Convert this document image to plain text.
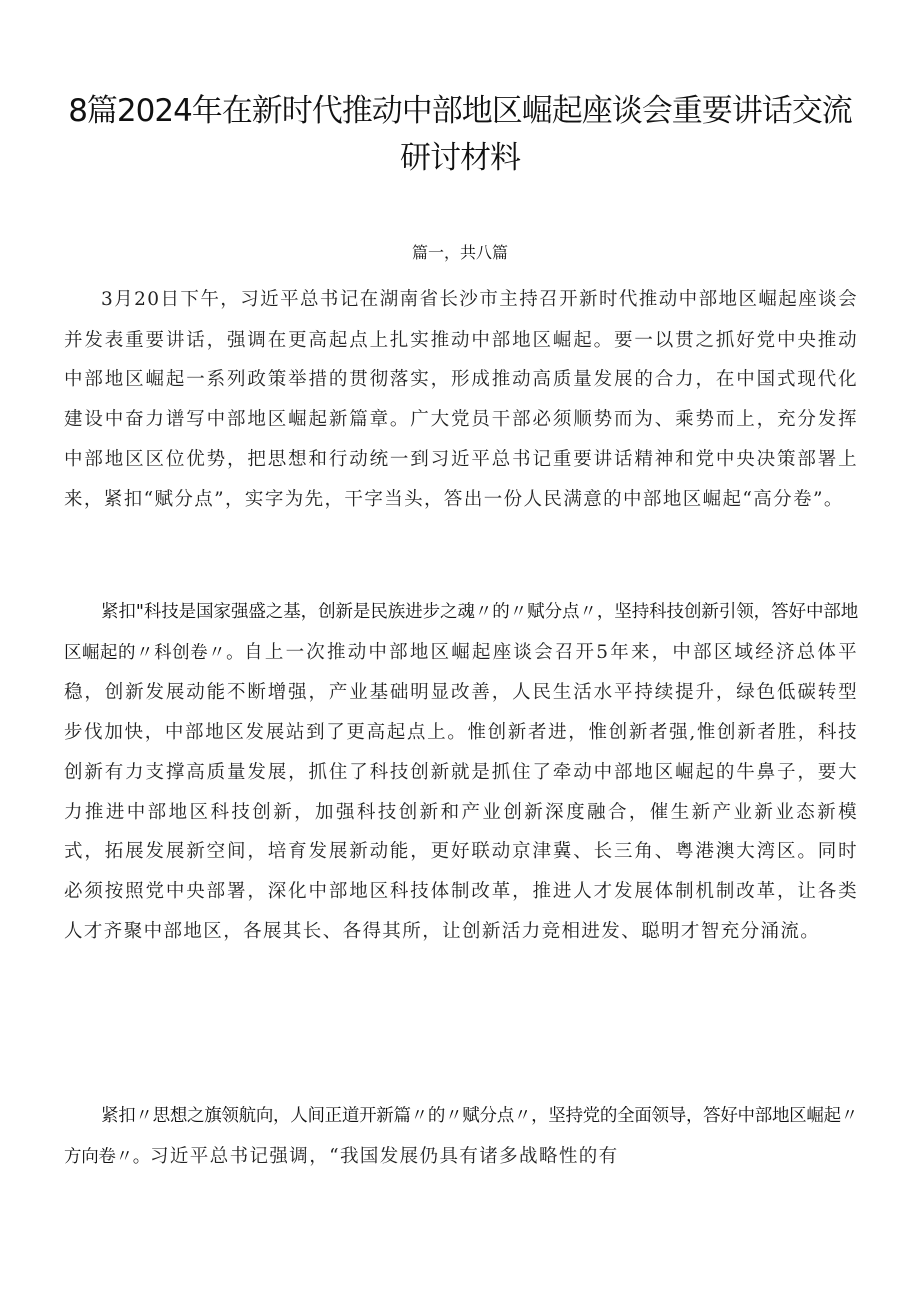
8篇2024年在新时代推动中部地区崛起座谈会重要讲话交流研讨材料
篇一，共八篇

3月20日下午，习近平总书记在湖南省长沙市主持召开新时代推动中部地区崛起座谈会并发表重要讲话，强调在更高起点上扎实推动中部地区崛起。要一以贯之抓好党中央推动中部地区崛起一系列政策举措的贯彻落实，形成推动高质量发展的合力，在中国式现代化建设中奋力谱写中部地区崛起新篇章。广大党员干部必须顺势而为、乘势而上，充分发挥中部地区区位优势，把思想和行动统一到习近平总书记重要讲话精神和党中央决策部署上来，紧扣“赋分点”，实字为先，干字当头，答出一份人民满意的中部地区崛起“高分卷”。

紧扣"科技是国家强盛之基，创新是民族进步之魂〃的〃赋分点〃，坚持科技创新引领，答好中部地区崛起的〃科创卷〃。自上一次推动中部地区崛起座谈会召开5年来，中部区域经济总体平稳，创新发展动能不断增强，产业基础明显改善，人民生活水平持续提升，绿色低碳转型步伐加快，中部地区发展站到了更高起点上。惟创新者进，惟创新者强,惟创新者胜，科技创新有力支撑高质量发展，抓住了科技创新就是抓住了牵动中部地区崛起的牛鼻子，要大力推进中部地区科技创新，加强科技创新和产业创新深度融合，催生新产业新业态新模式，拓展发展新空间，培育发展新动能，更好联动京津冀、长三角、粤港澳大湾区。同时必须按照党中央部署，深化中部地区科技体制改革，推进人才发展体制机制改革，让各类人才齐聚中部地区，各展其长、各得其所，让创新活力竞相进发、聪明才智充分涌流。

紧扣〃思想之旗领航向，人间正道开新篇〃的〃赋分点〃，坚持党的全面领导，答好中部地区崛起〃方向卷〃。习近平总书记强调，“我国发展仍具有诸多战略性的有
